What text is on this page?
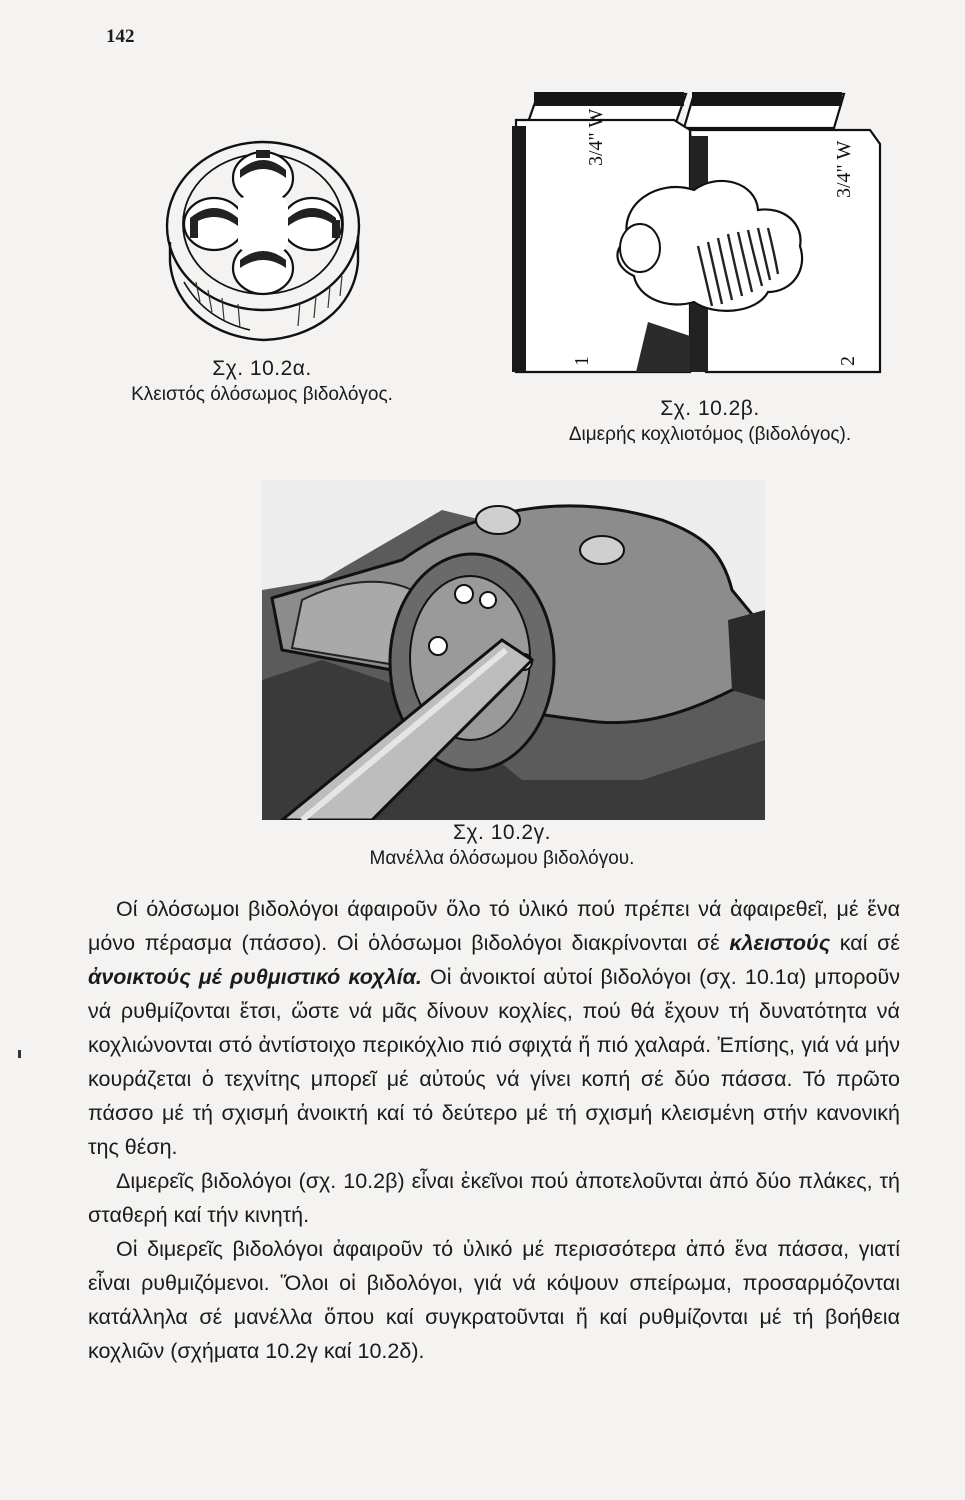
142
Σχ. 10.2α.
Κλειστός όλόσωμος βιδολόγος.
3/4" W
3/4" W
1	2
Σχ. 10.2β.
Διμερής κοχλιοτόμος (βιδολόγος).
Σχ. 10.2γ.
Μανέλλα όλόσωμου βιδολόγου.

Οί όλόσωμοι βιδολόγοι άφαιροῦν ὅλο τό ὑλικό πού πρέπει νά ἀφαιρεθεῖ, μέ ἕνα μόνο πέρασμα (πάσσο). Οἱ ὁλόσωμοι βιδολόγοι διακρίνονται σέ κλειστούς καί σέ ἀνοικτούς μέ ρυθμιστικό κοχλία. Οἱ ἀνοικτοί αὐτοί βιδολόγοι (σχ. 10.1α) μποροῦν νά ρυθμίζονται ἔτσι, ὥστε νά μᾶς δίνουν κοχλίες, πού θά ἔχουν τή δυνατότητα νά κοχλιώνονται στό ἀντίστοιχο περικόχλιο πιό σφιχτά ἤ πιό χαλαρά. Ἐπίσης, γιά νά μήν κουράζεται ὁ τεχνίτης μπορεῖ μέ αὐτούς νά γίνει κοπή σέ δύο πάσσα. Τό πρῶτο πάσσο μέ τή σχισμή ἀνοικτή καί τό δεύτερο μέ τή σχισμή κλεισμένη στήν κανονική της θέση.

Διμερεῖς βιδολόγοι (σχ. 10.2β) εἶναι ἐκεῖνοι πού ἀποτελοῦνται ἀπό δύο πλάκες, τή σταθερή καί τήν κινητή.

Οἱ διμερεῖς βιδολόγοι ἀφαιροῦν τό ὑλικό μέ περισσότερα ἀπό ἕνα πάσσα, γιατί εἶναι ρυθμιζόμενοι. Ὅλοι οἱ βιδολόγοι, γιά νά κόψουν σπείρωμα, προσαρμόζονται κατάλληλα σέ μανέλλα ὅπου καί συγκρατοῦνται ἤ καί ρυθμίζονται μέ τή βοήθεια κοχλιῶν (σχήματα 10.2γ καί 10.2δ).
